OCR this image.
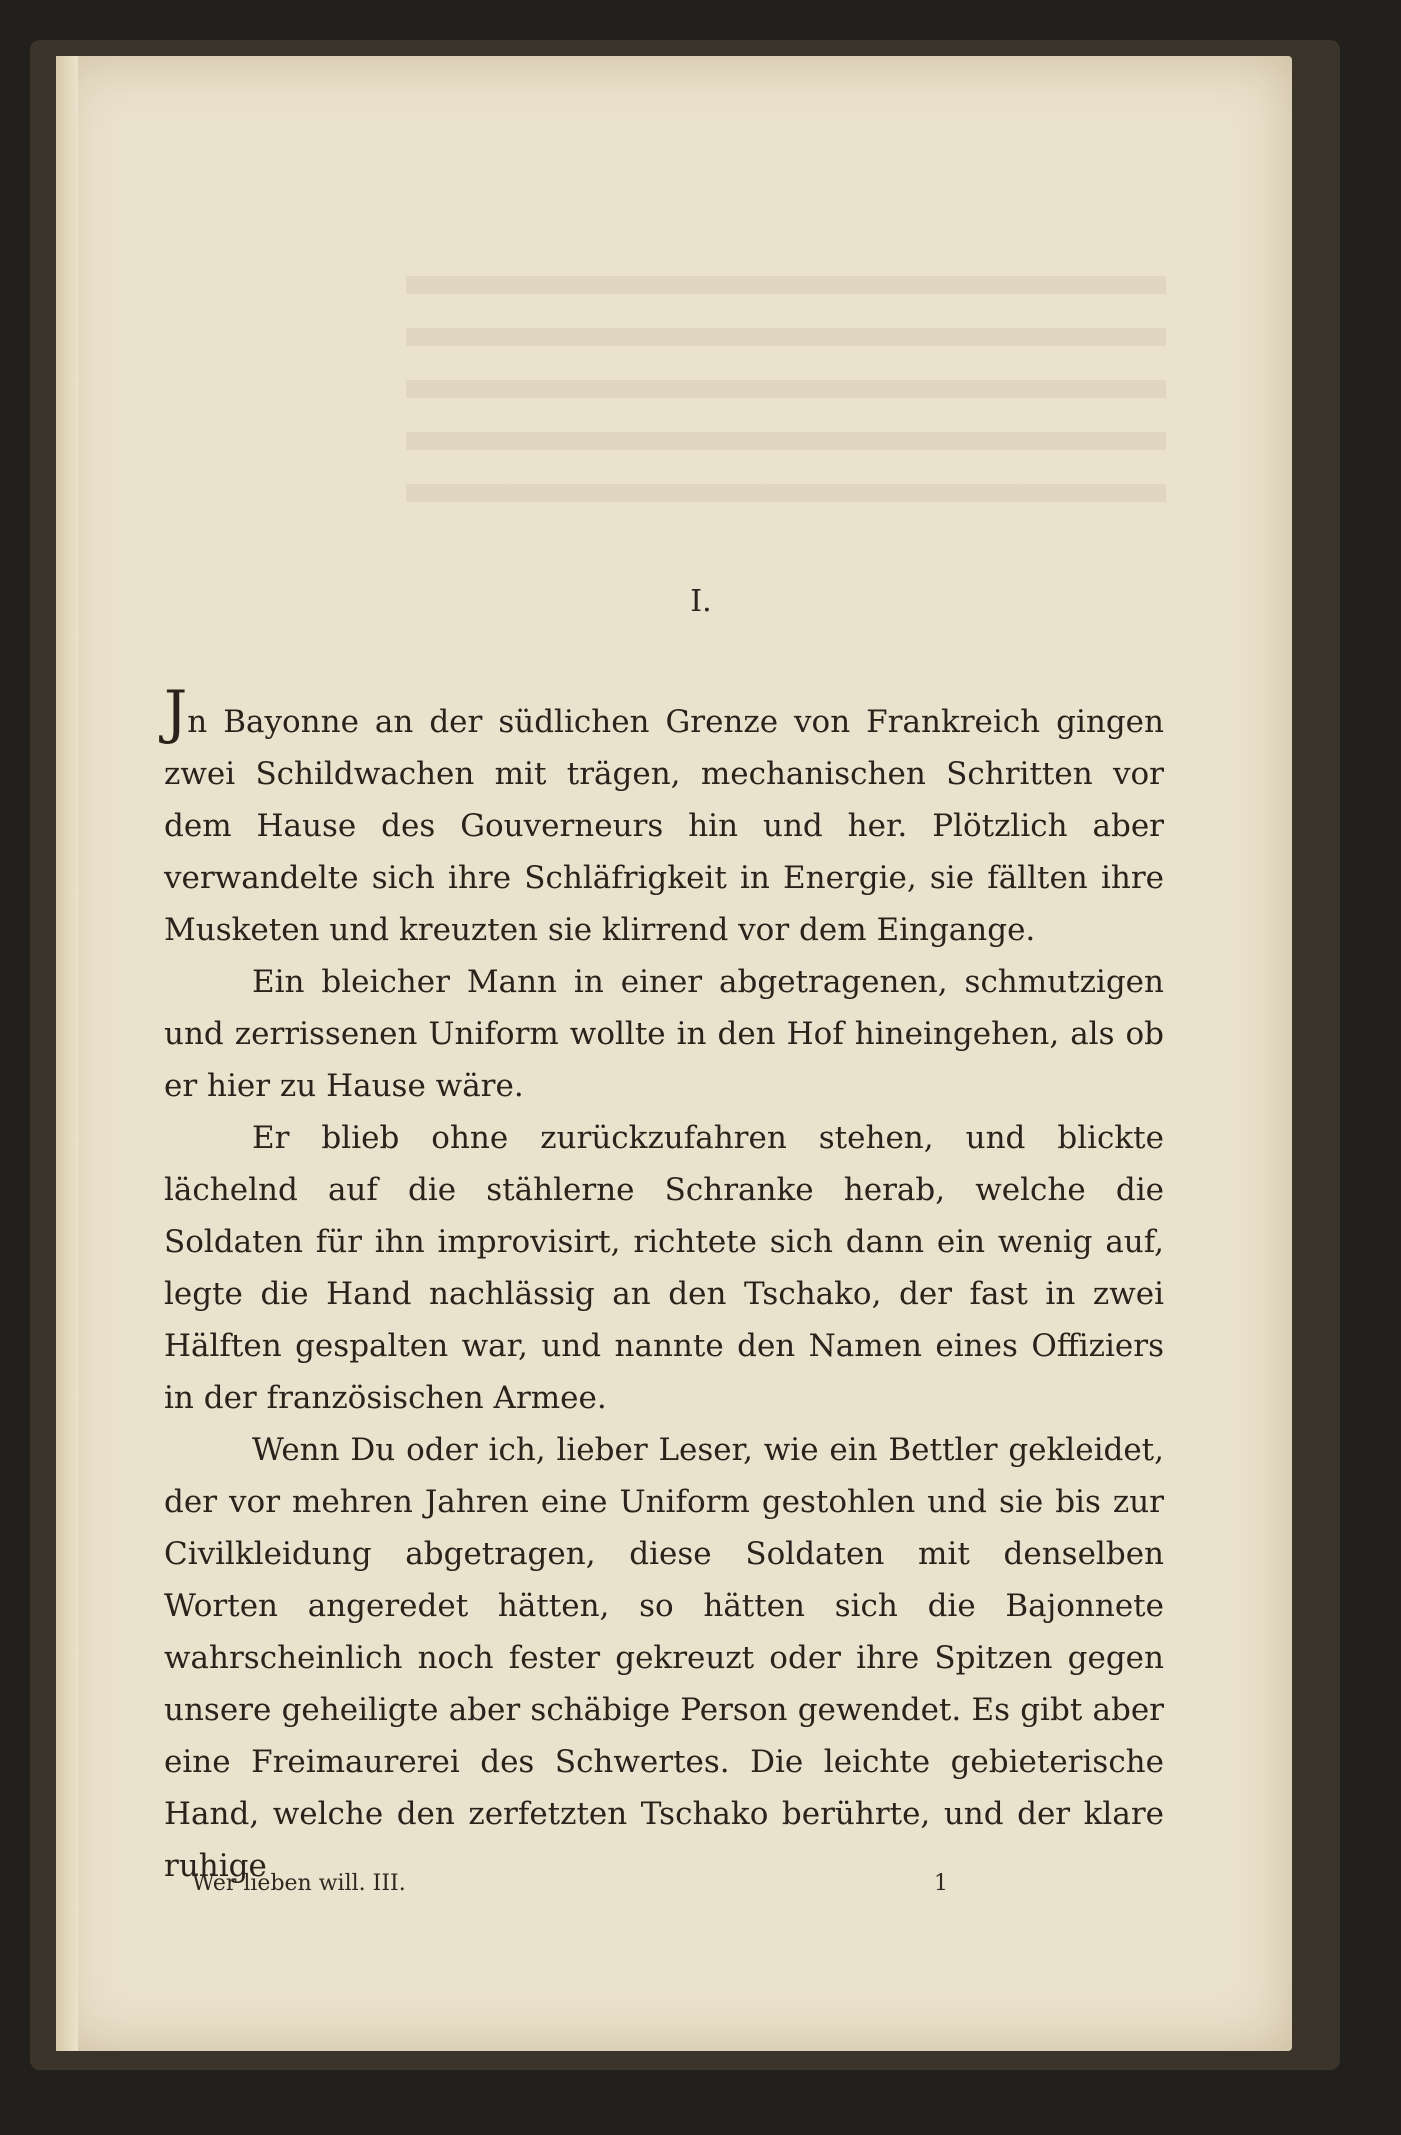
I.

Jn Bayonne an der südlichen Grenze von Frankreich gingen zwei Schildwachen mit trägen, mechanischen Schritten vor dem Hause des Gouverneurs hin und her. Plötzlich aber verwandelte sich ihre Schläfrigkeit in Energie, sie fällten ihre Musketen und kreuzten sie klirrend vor dem Eingange.

Ein bleicher Mann in einer abgetragenen, schmutzigen und zerrissenen Uniform wollte in den Hof hineingehen, als ob er hier zu Hause wäre.

Er blieb ohne zurückzufahren stehen, und blickte lächelnd auf die stählerne Schranke herab, welche die Soldaten für ihn improvisirt, richtete sich dann ein wenig auf, legte die Hand nachlässig an den Tschako, der fast in zwei Hälften gespalten war, und nannte den Namen eines Offiziers in der französischen Armee.

Wenn Du oder ich, lieber Leser, wie ein Bettler gekleidet, der vor mehren Jahren eine Uniform gestohlen und sie bis zur Civilkleidung abgetragen, diese Soldaten mit denselben Worten angeredet hätten, so hätten sich die Bajonnete wahrscheinlich noch fester gekreuzt oder ihre Spitzen gegen unsere geheiligte aber schäbige Person gewendet. Es gibt aber eine Freimaurerei des Schwertes. Die leichte gebieterische Hand, welche den zerfetzten Tschako berührte, und der klare ruhige

Wer lieben will. III.	1
